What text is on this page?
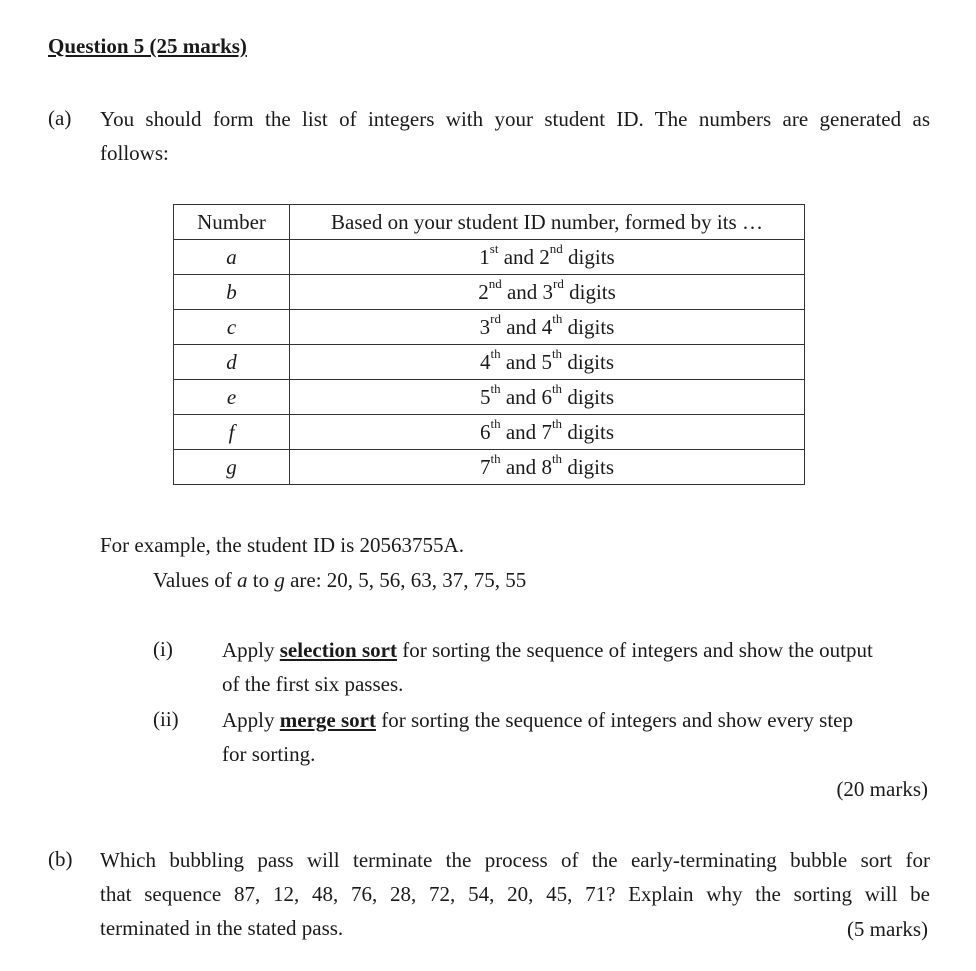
Question 5 (25 marks)
(a) You should form the list of integers with your student ID. The numbers are generated as
follows:
Number	Based on your student ID number, formed by its …
a	1st and 2nd digits
b	2nd and 3rd digits
c	3rd and 4th digits
d	4th and 5th digits
e	5th and 6th digits
f	6th and 7th digits
g	7th and 8th digits
For example, the student ID is 20563755A.
Values of a to g are: 20, 5, 56, 63, 37, 75, 55
(i) Apply selection sort for sorting the sequence of integers and show the output
of the first six passes.
(ii) Apply merge sort for sorting the sequence of integers and show every step
for sorting.
(20 marks)
(b) Which bubbling pass will terminate the process of the early-terminating bubble sort for
that sequence 87, 12, 48, 76, 28, 72, 54, 20, 45, 71? Explain why the sorting will be
terminated in the stated pass.	(5 marks)
